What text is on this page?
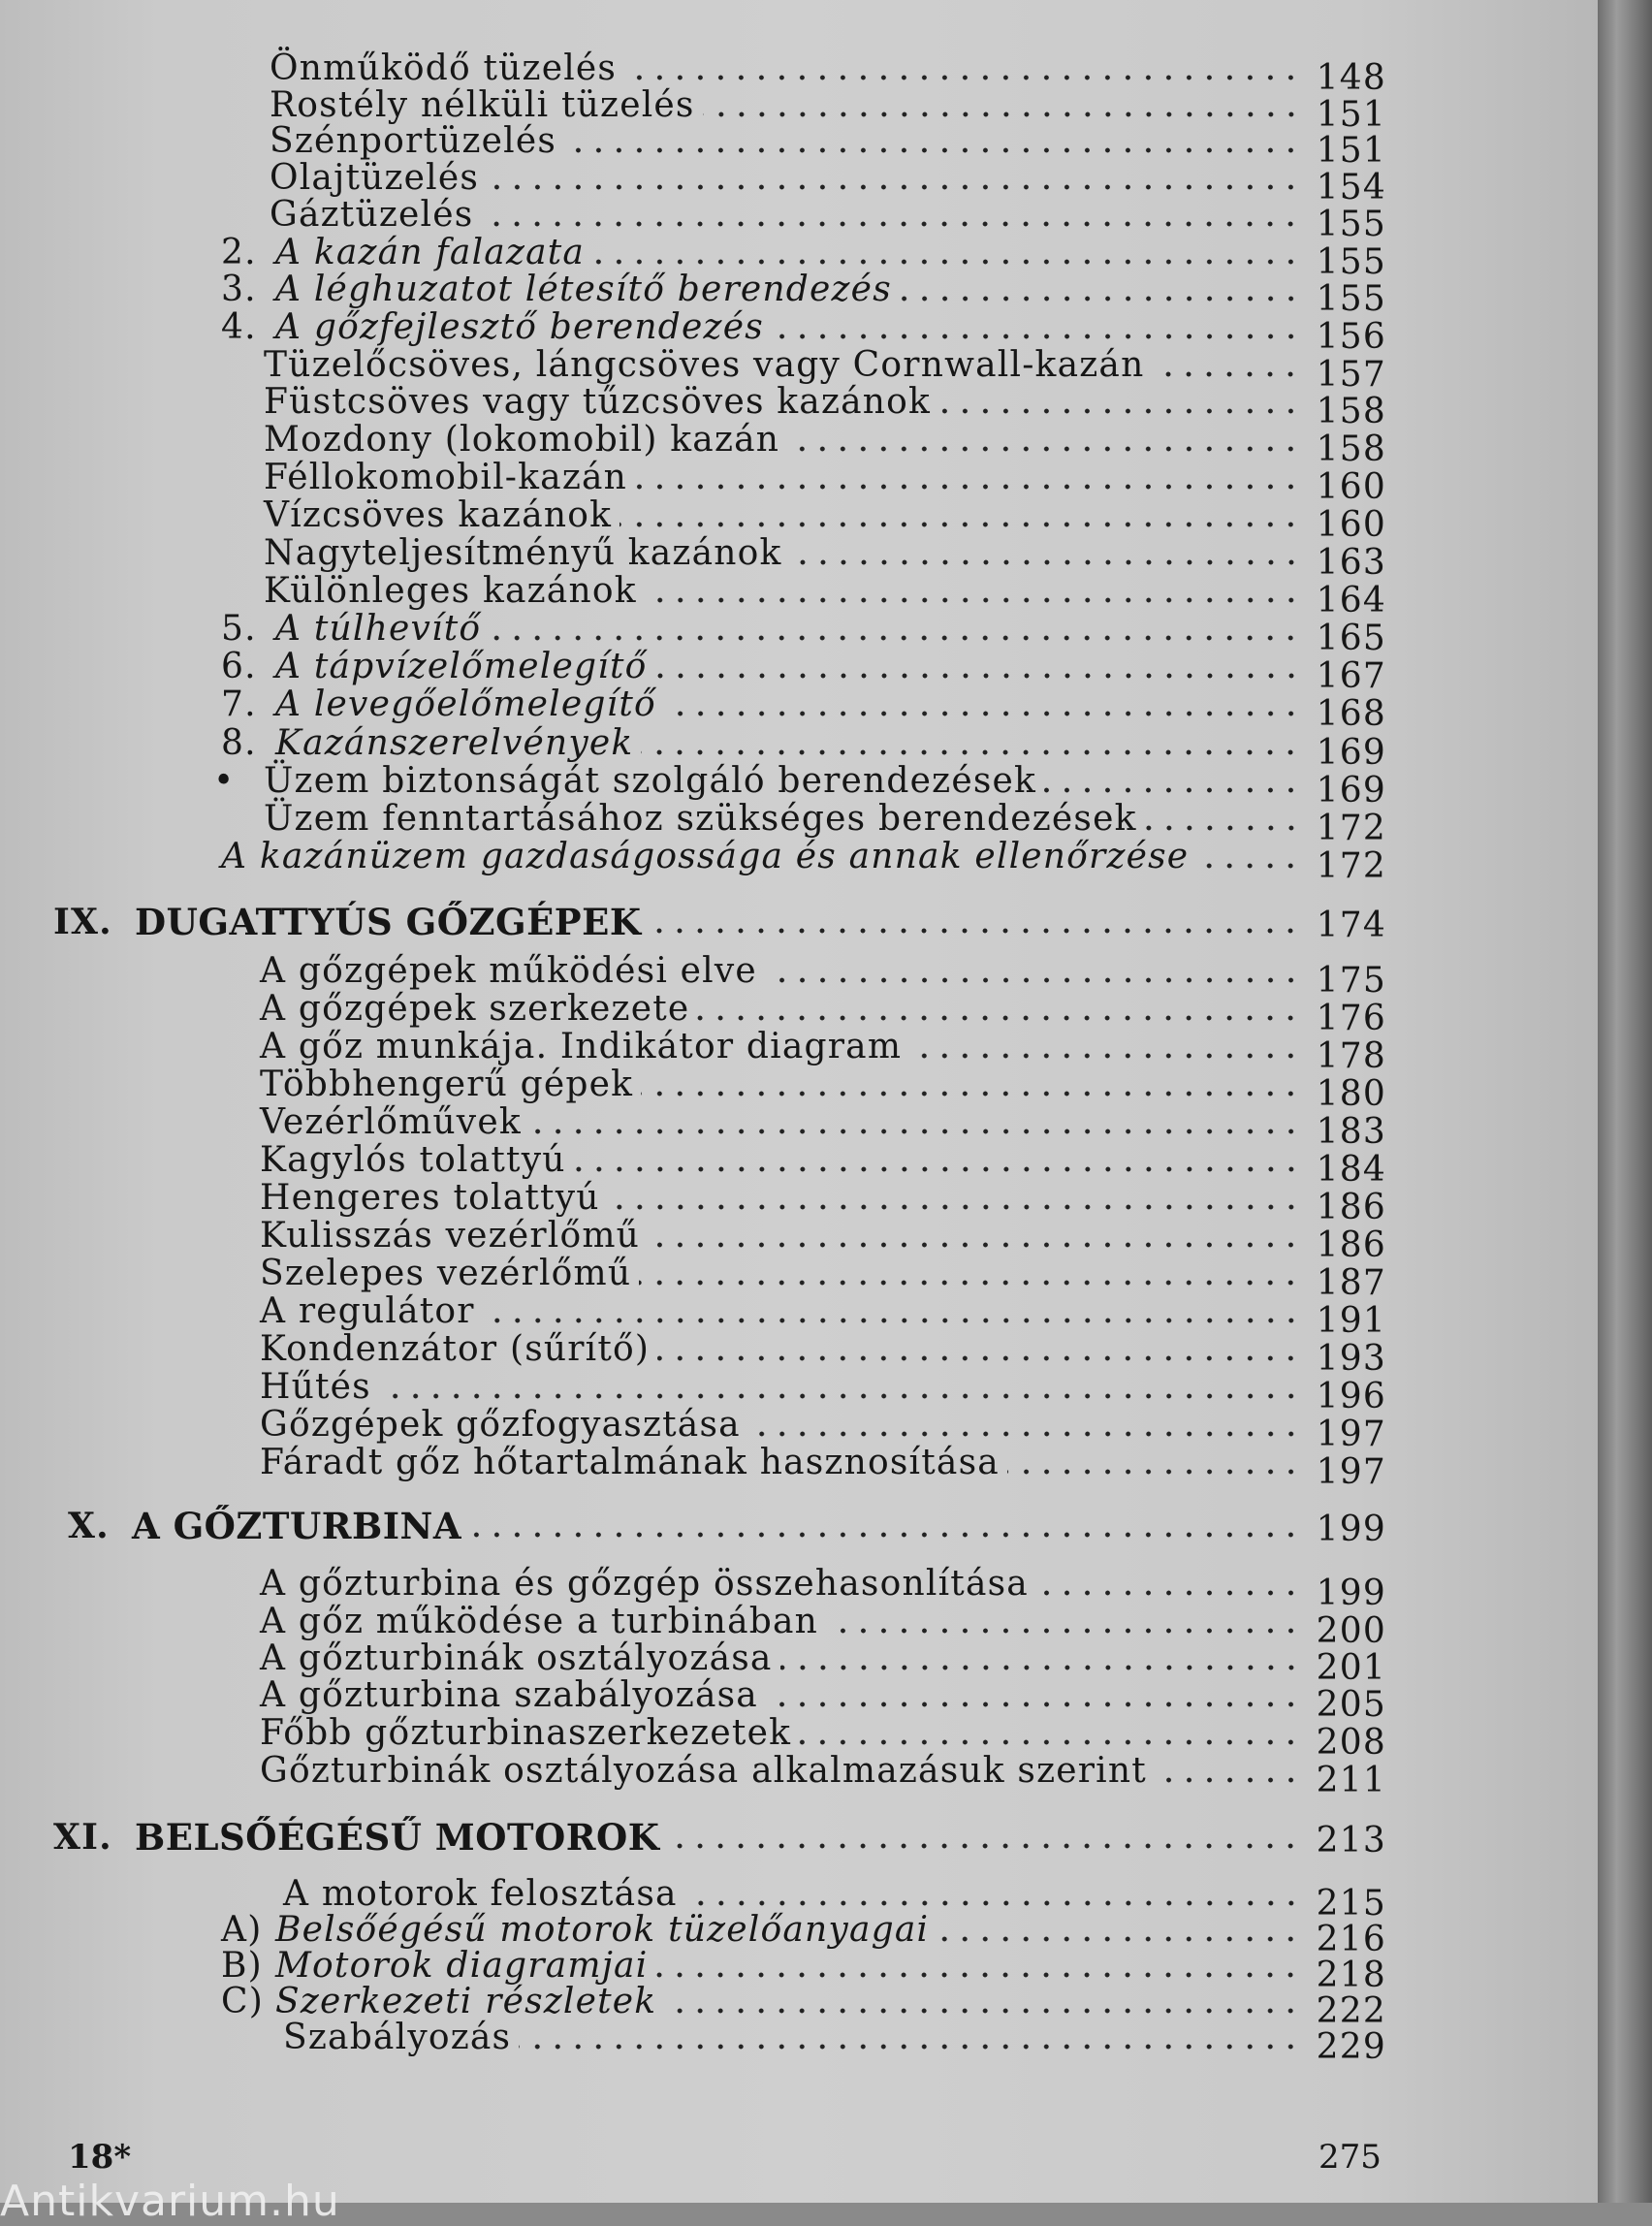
Önműködő tüzelés	148
Rostély nélküli tüzelés	151
Szénportüzelés	151
Olajtüzelés	154
Gáztüzelés	155
2. A kazán falazata	155
3. A léghuzatot létesítő berendezés	155
4. A gőzfejlesztő berendezés	156
Tüzelőcsöves, lángcsöves vagy Cornwall-kazán	157
Füstcsöves vagy tűzcsöves kazánok	158
Mozdony (lokomobil) kazán	158
Féllokomobil-kazán	160
Vízcsöves kazánok	160
Nagyteljesítményű kazánok	163
Különleges kazánok	164
5. A túlhevítő	165
6. A tápvízelőmelegítő	167
7. A levegőelőmelegítő	168
8. Kazánszerelvények	169
• Üzem biztonságát szolgáló berendezések	169
Üzem fenntartásához szükséges berendezések	172
A kazánüzem gazdaságossága és annak ellenőrzése	172
IX. DUGATTYÚS GŐZGÉPEK	174
A gőzgépek működési elve	175
A gőzgépek szerkezete	176
A gőz munkája. Indikátor diagram	178
Többhengerű gépek	180
Vezérlőművek	183
Kagylós tolattyú	184
Hengeres tolattyú	186
Kulisszás vezérlőmű	186
Szelepes vezérlőmű	187
A regulátor	191
Kondenzátor (sűrítő)	193
Hűtés	196
Gőzgépek gőzfogyasztása	197
Fáradt gőz hőtartalmának hasznosítása	197
X. A GŐZTURBINA	199
A gőzturbina és gőzgép összehasonlítása	199
A gőz működése a turbinában	200
A gőzturbinák osztályozása	201
A gőzturbina szabályozása	205
Főbb gőzturbinaszerkezetek	208
Gőzturbinák osztályozása alkalmazásuk szerint	211
XI. BELSŐÉGÉSŰ MOTOROK	213
A motorok felosztása	215
A) Belsőégésű motorok tüzelőanyagai	216
B) Motorok diagramjai	218
C) Szerkezeti részletek	222
Szabályozás	229
18*	275
Antikvarium.hu
